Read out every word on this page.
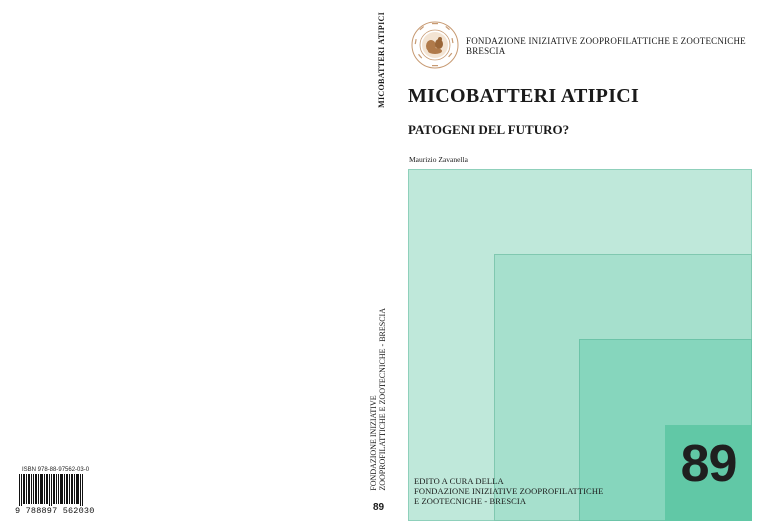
ISBN 978-88-97562-03-0
9 788897 562030
MICOBATTERI ATIPICI
FONDAZIONE INIZIATIVE ZOOPROFILATTICHE E ZOOTECNICHE - BRESCIA
89
FONDAZIONE INIZIATIVE ZOOPROFILATTICHE E ZOOTECNICHE
BRESCIA
MICOBATTERI ATIPICI
PATOGENI DEL FUTURO?
Maurizio Zavanella
89
EDITO A CURA DELLA
FONDAZIONE INIZIATIVE ZOOPROFILATTICHE
E ZOOTECNICHE - BRESCIA
